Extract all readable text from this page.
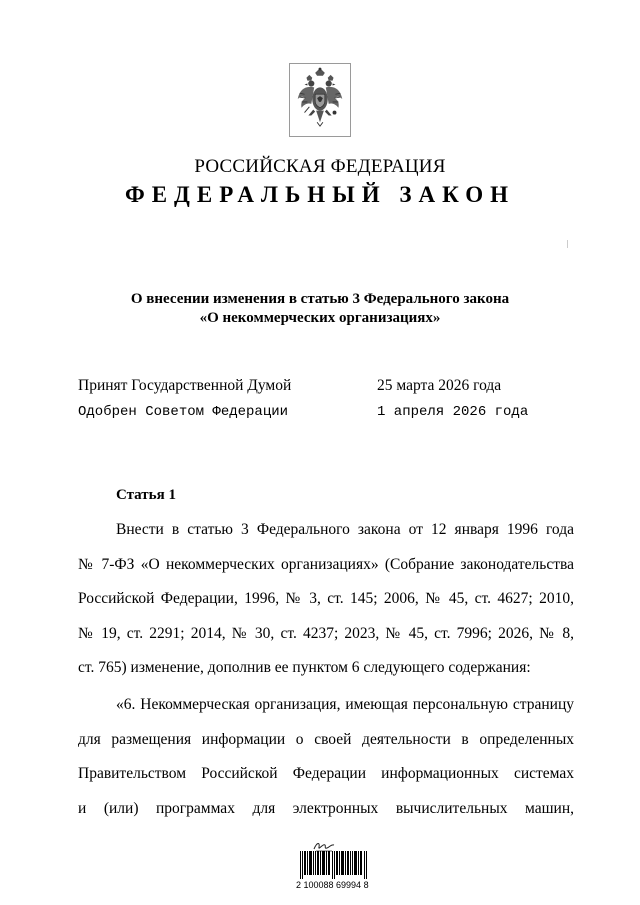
РОССИЙСКАЯ ФЕДЕРАЦИЯ
ФЕДЕРАЛЬНЫЙ ЗАКОН
О внесении изменения в статью 3 Федерального закона
«О некоммерческих организациях»
Принят Государственной Думой	25 марта 2026 года
Одобрен Советом Федерации	1 апреля 2026 года
Статья 1
Внести в статью 3 Федерального закона от 12 января 1996 года
№ 7-ФЗ «О некоммерческих организациях» (Собрание законодательства
Российской Федерации, 1996, № 3, ст. 145; 2006, № 45, ст. 4627; 2010,
№ 19, ст. 2291; 2014, № 30, ст. 4237; 2023, № 45, ст. 7996; 2026, № 8,
ст. 765) изменение, дополнив ее пунктом 6 следующего содержания:
«6. Некоммерческая организация, имеющая персональную страницу
для размещения информации о своей деятельности в определенных
Правительством Российской Федерации информационных системах
и (или) программах для электронных вычислительных машин,
2 100088 69994 8
